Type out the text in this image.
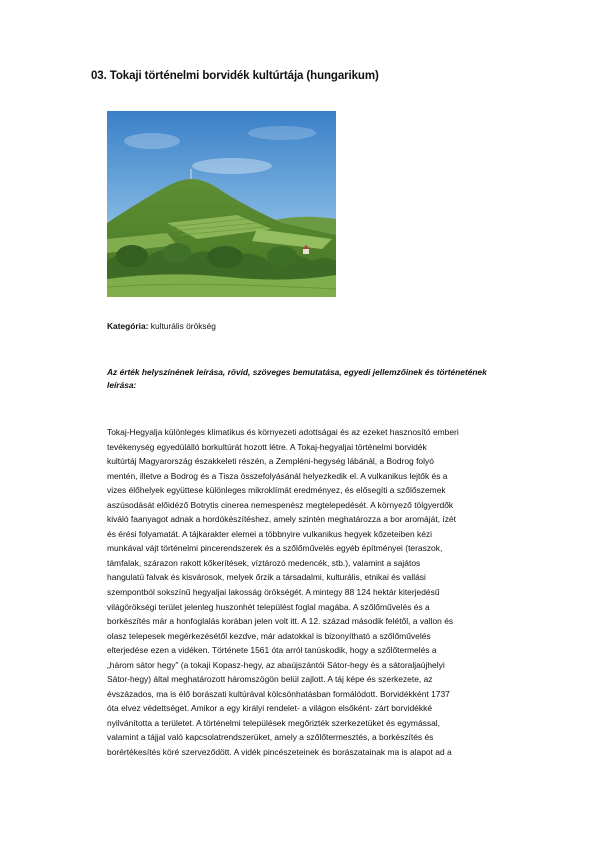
03. Tokaji történelmi borvidék kultúrtája (hungarikum)
Kategória: kulturális örökség
Az érték helyszínének leírása, rövid, szöveges bemutatása, egyedi jellemzőinek és történetének leírása:
Tokaj-Hegyalja különleges klimatikus és környezeti adottságai és az ezeket hasznosító emberi
tevékenység egyedülálló borkultúrát hozott létre. A Tokaj-hegyaljai történelmi borvidék
kultúrtáj Magyarország északkeleti részén, a Zempléni-hegység lábánál, a Bodrog folyó
mentén, illetve a Bodrog és a Tisza összefolyásánál helyezkedik el. A vulkanikus lejtők és a
vizes élőhelyek együttese különleges mikroklímát eredményez, és elősegíti a szőlőszemek
aszúsodását előidéző Botrytis cinerea nemespenész megtelepedését. A környező tölgyerdők
kiváló faanyagot adnak a hordókészítéshez, amely szintén meghatározza a bor aromáját, ízét
és érési folyamatát. A tájkarakter elemei a többnyire vulkanikus hegyek kőzeteiben kézi
munkával vájt történelmi pincerendszerek és a szőlőművelés egyéb építményei (teraszok,
támfalak, szárazon rakott kőkerítések, víztározó medencék, stb.), valamint a sajátos
hangulatú falvak és kisvárosok, melyek őrzik a társadalmi, kulturális, etnikai és vallási
szempontból sokszínű hegyaljai lakosság örökségét. A mintegy 88 124 hektár kiterjedésű
világörökségi terület jelenleg huszonhét települést foglal magába. A szőlőművelés és a
borkészítés már a honfoglalás korában jelen volt itt. A 12. század második felétől, a vallon és
olasz telepesek megérkezésétől kezdve, már adatokkal is bizonyítható a szőlőművelés
elterjedése ezen a vidéken. Története 1561 óta arról tanúskodik, hogy a szőlőtermelés a
„három sátor hegy" (a tokaji Kopasz-hegy, az abaújszántói Sátor-hegy és a sátoraljaújhelyi
Sátor-hegy) által meghatározott háromszögön belül zajlott. A táj képe és szerkezete, az
évszázados, ma is élő borászati kultúrával kölcsönhatásban formálódott. Borvidékként 1737
óta elvez védettséget. Amikor a egy királyi rendelet- a világon elsőként- zárt borvidékké
nyilvánította a területet. A történelmi települések megőrizték szerkezetüket és egymással,
valamint a tájjal való kapcsolatrendszerüket, amely a szőlőtermesztés, a borkészítés és
borértékesítés köré szerveződött. A vidék pincészeteinek és borászatainak ma is alapot ad a
